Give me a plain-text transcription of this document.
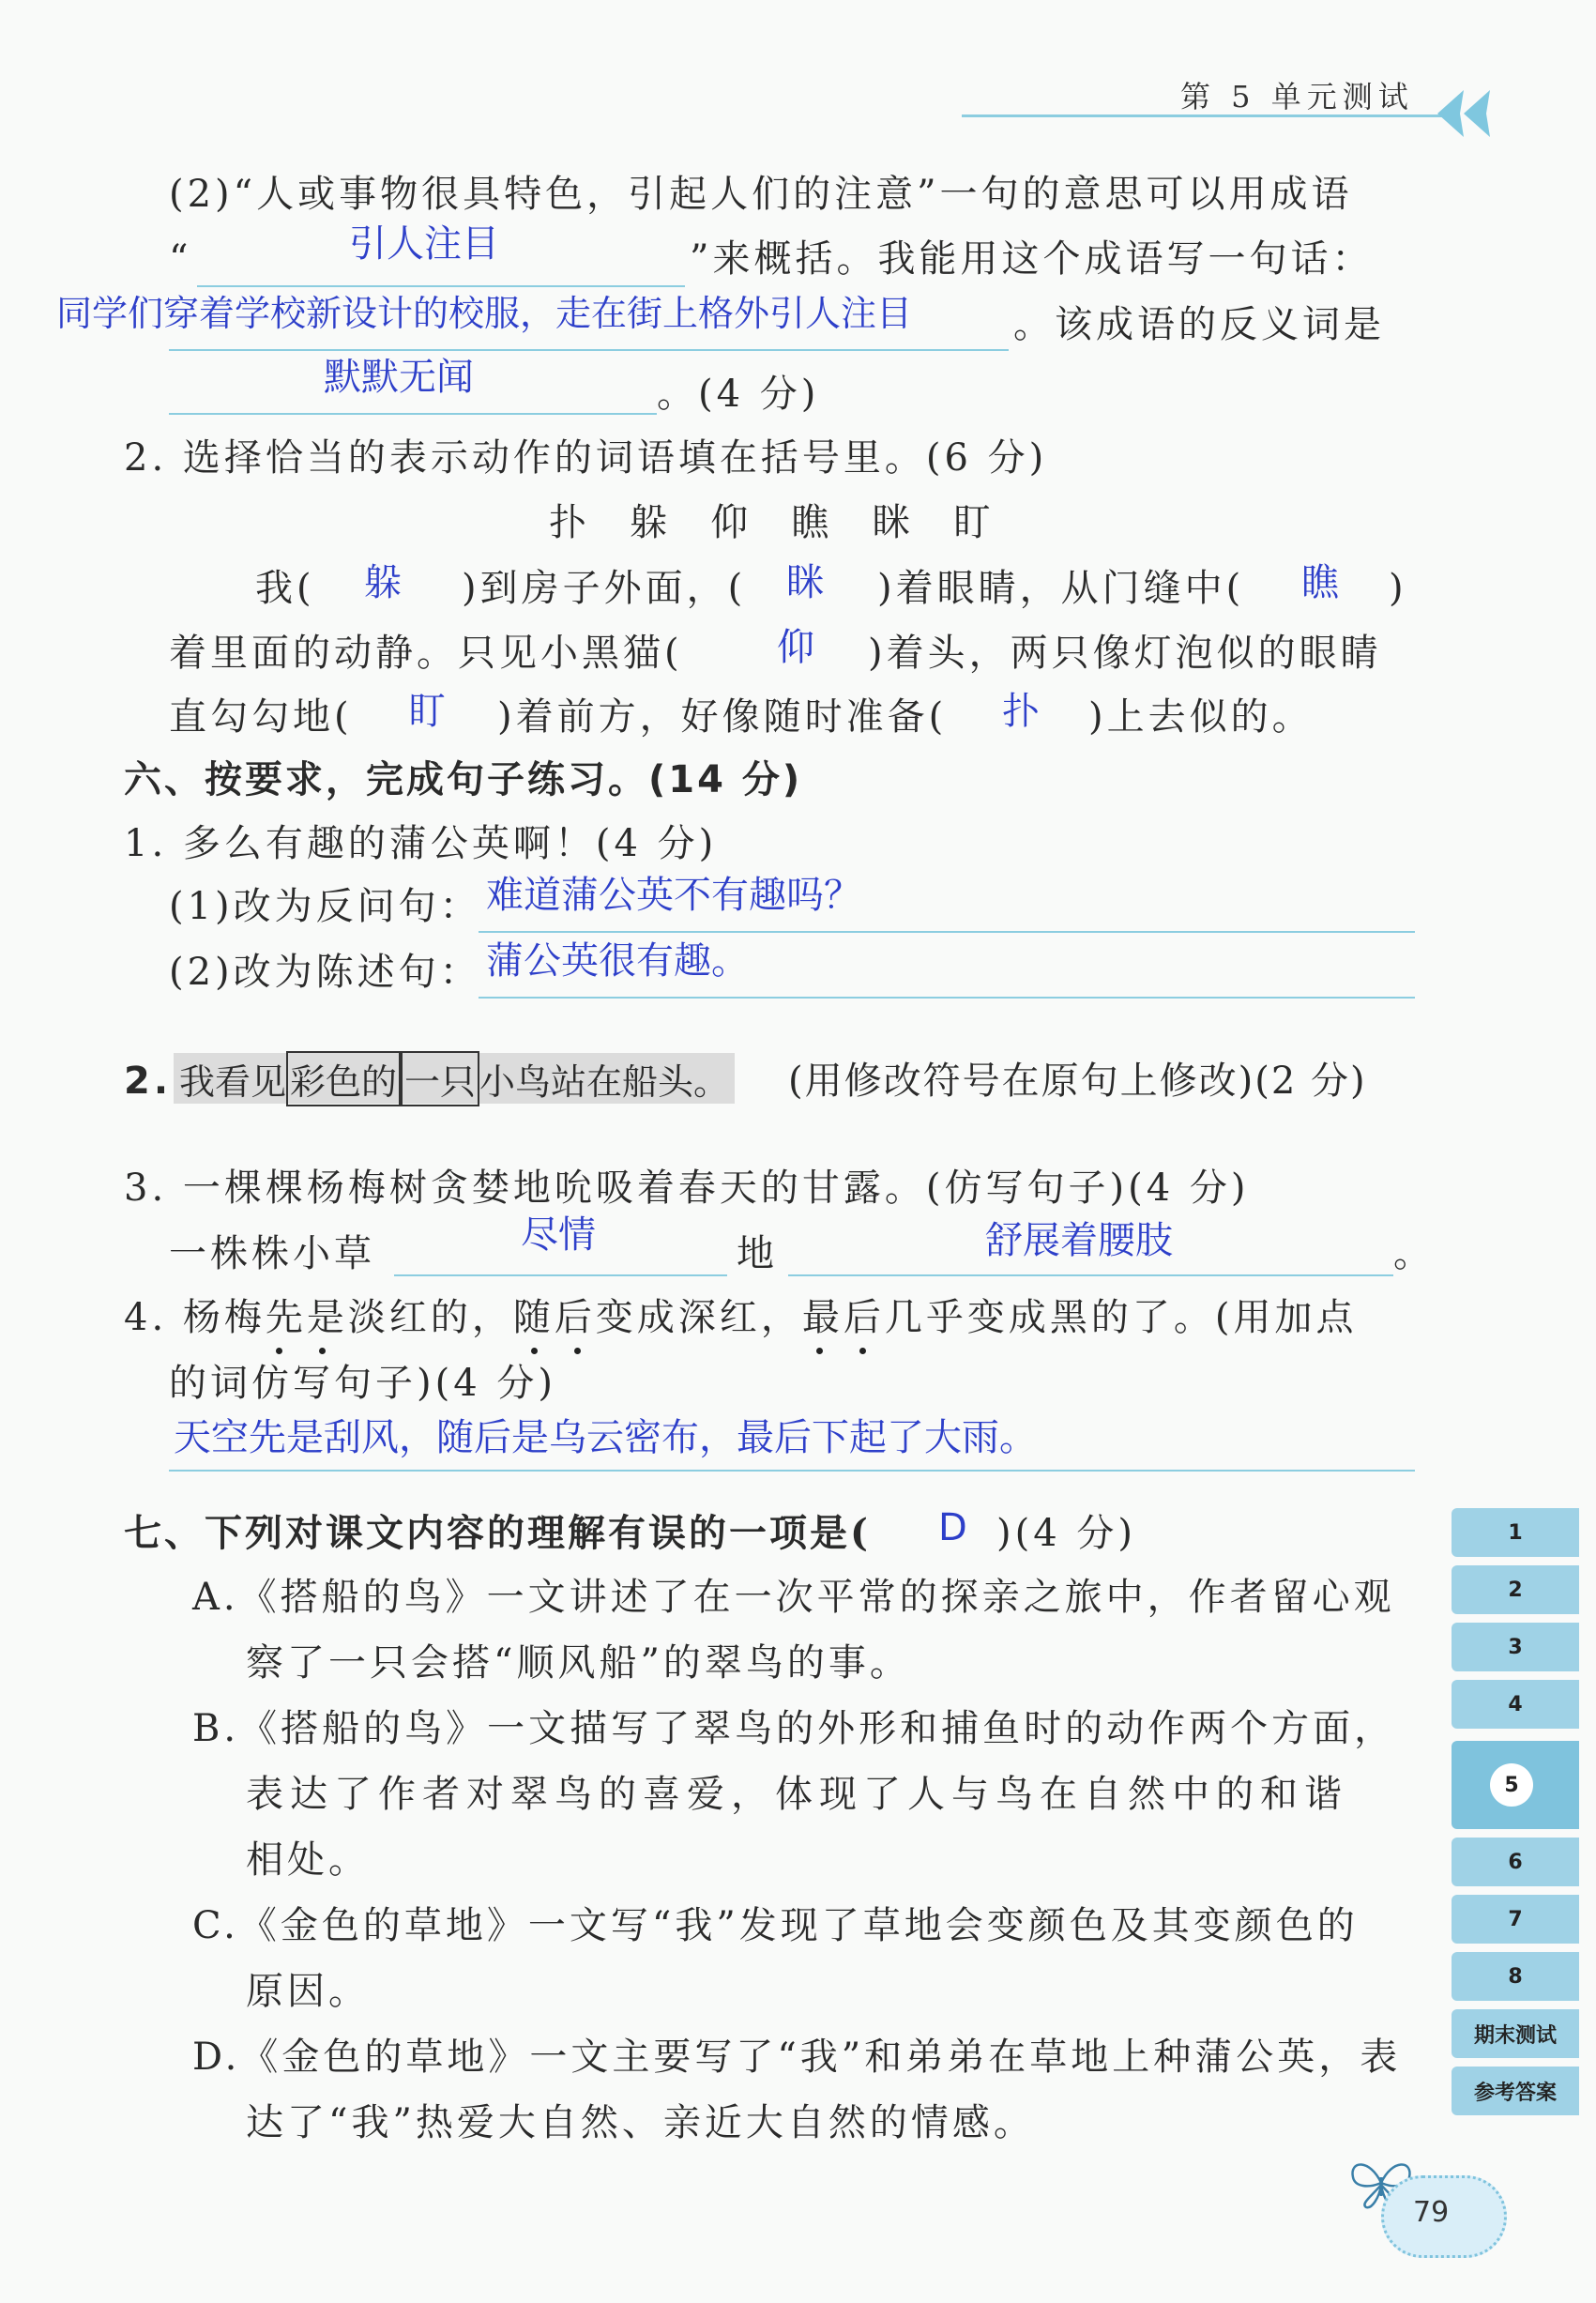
第 5 单元测试
(2)“人或事物很具特色，引起人们的注意”一句的意思可以用成语
“	引人注目	”来概括。我能用这个成语写一句话：
同学们穿着学校新设计的校服，走在街上格外引人注目	。该成语的反义词是
默默无闻	。(4 分)
2. 选择恰当的表示动作的词语填在括号里。(6 分)
扑   躲   仰   瞧   眯   盯
我( 躲 )到房子外面，( 眯 )着眼睛，从门缝中( 瞧 )
着里面的动静。只见小黑猫(	仰 )着头，两只像灯泡似的眼睛
直勾勾地( 盯 )着前方，好像随时准备( 扑 )上去似的。
六、按要求，完成句子练习。(14 分)
1. 多么有趣的蒲公英啊！(4 分)
(1)改为反问句： 难道蒲公英不有趣吗？
(2)改为陈述句： 蒲公英很有趣。
2. 我看见 彩色的 一只 小鸟站在船头。 (用修改符号在原句上修改)(2 分)
3. 一棵棵杨梅树贪婪地吮吸着春天的甘露。(仿写句子)(4 分)
一株株小草	尽情	地	舒展着腰肢	。
4. 杨梅先是淡红的，随后变成深红，最后几乎变成黑的了。(用加点
的词仿写句子)(4 分)
天空先是刮风，随后是乌云密布，最后下起了大雨。
七、下列对课文内容的理解有误的一项是( D )(4 分)
A.《搭船的鸟》一文讲述了在一次平常的探亲之旅中，作者留心观
察了一只会搭“顺风船”的翠鸟的事。
B.《搭船的鸟》一文描写了翠鸟的外形和捕鱼时的动作两个方面，
表达了作者对翠鸟的喜爱，体现了人与鸟在自然中的和谐
相处。
C.《金色的草地》一文写“我”发现了草地会变颜色及其变颜色的
原因。
D.《金色的草地》一文主要写了“我”和弟弟在草地上种蒲公英，表
达了“我”热爱大自然、亲近大自然的情感。
1
2
3
4
5
6
7
8
期末测试
参考答案
79
